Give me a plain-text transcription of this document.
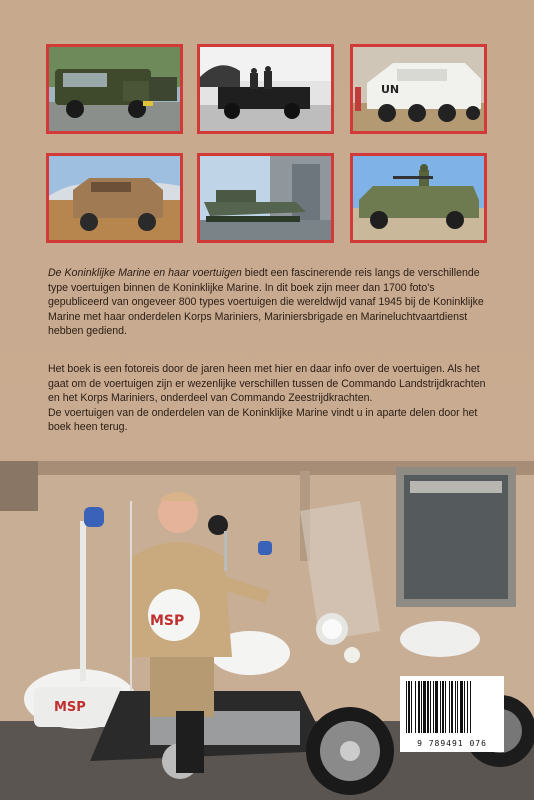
UN

De Koninklijke Marine en haar voertuigen biedt een fascinerende reis langs de verschillende type voertuigen binnen de Koninklijke Marine. In dit boek zijn meer dan 1700 foto's gepubliceerd van ongeveer 800 types voertuigen die wereldwijd vanaf 1945 bij de Koninklijke Marine met haar onderdelen Korps Mariniers, Mariniersbrigade en Marineluchtvaartdienst hebben gediend.

Het boek is een fotoreis door de jaren heen met hier en daar info over de voertuigen. Als het gaat om de voertuigen zijn er wezenlijke verschillen tussen de Commando Landstrijdkrachten en het Korps Mariniers, onderdeel van Commando Zeestrijdkrachten.

De voertuigen van de onderdelen van de Koninklijke Marine vindt u in aparte delen door het boek heen terug.

MSP
MSP
9 789491 076
